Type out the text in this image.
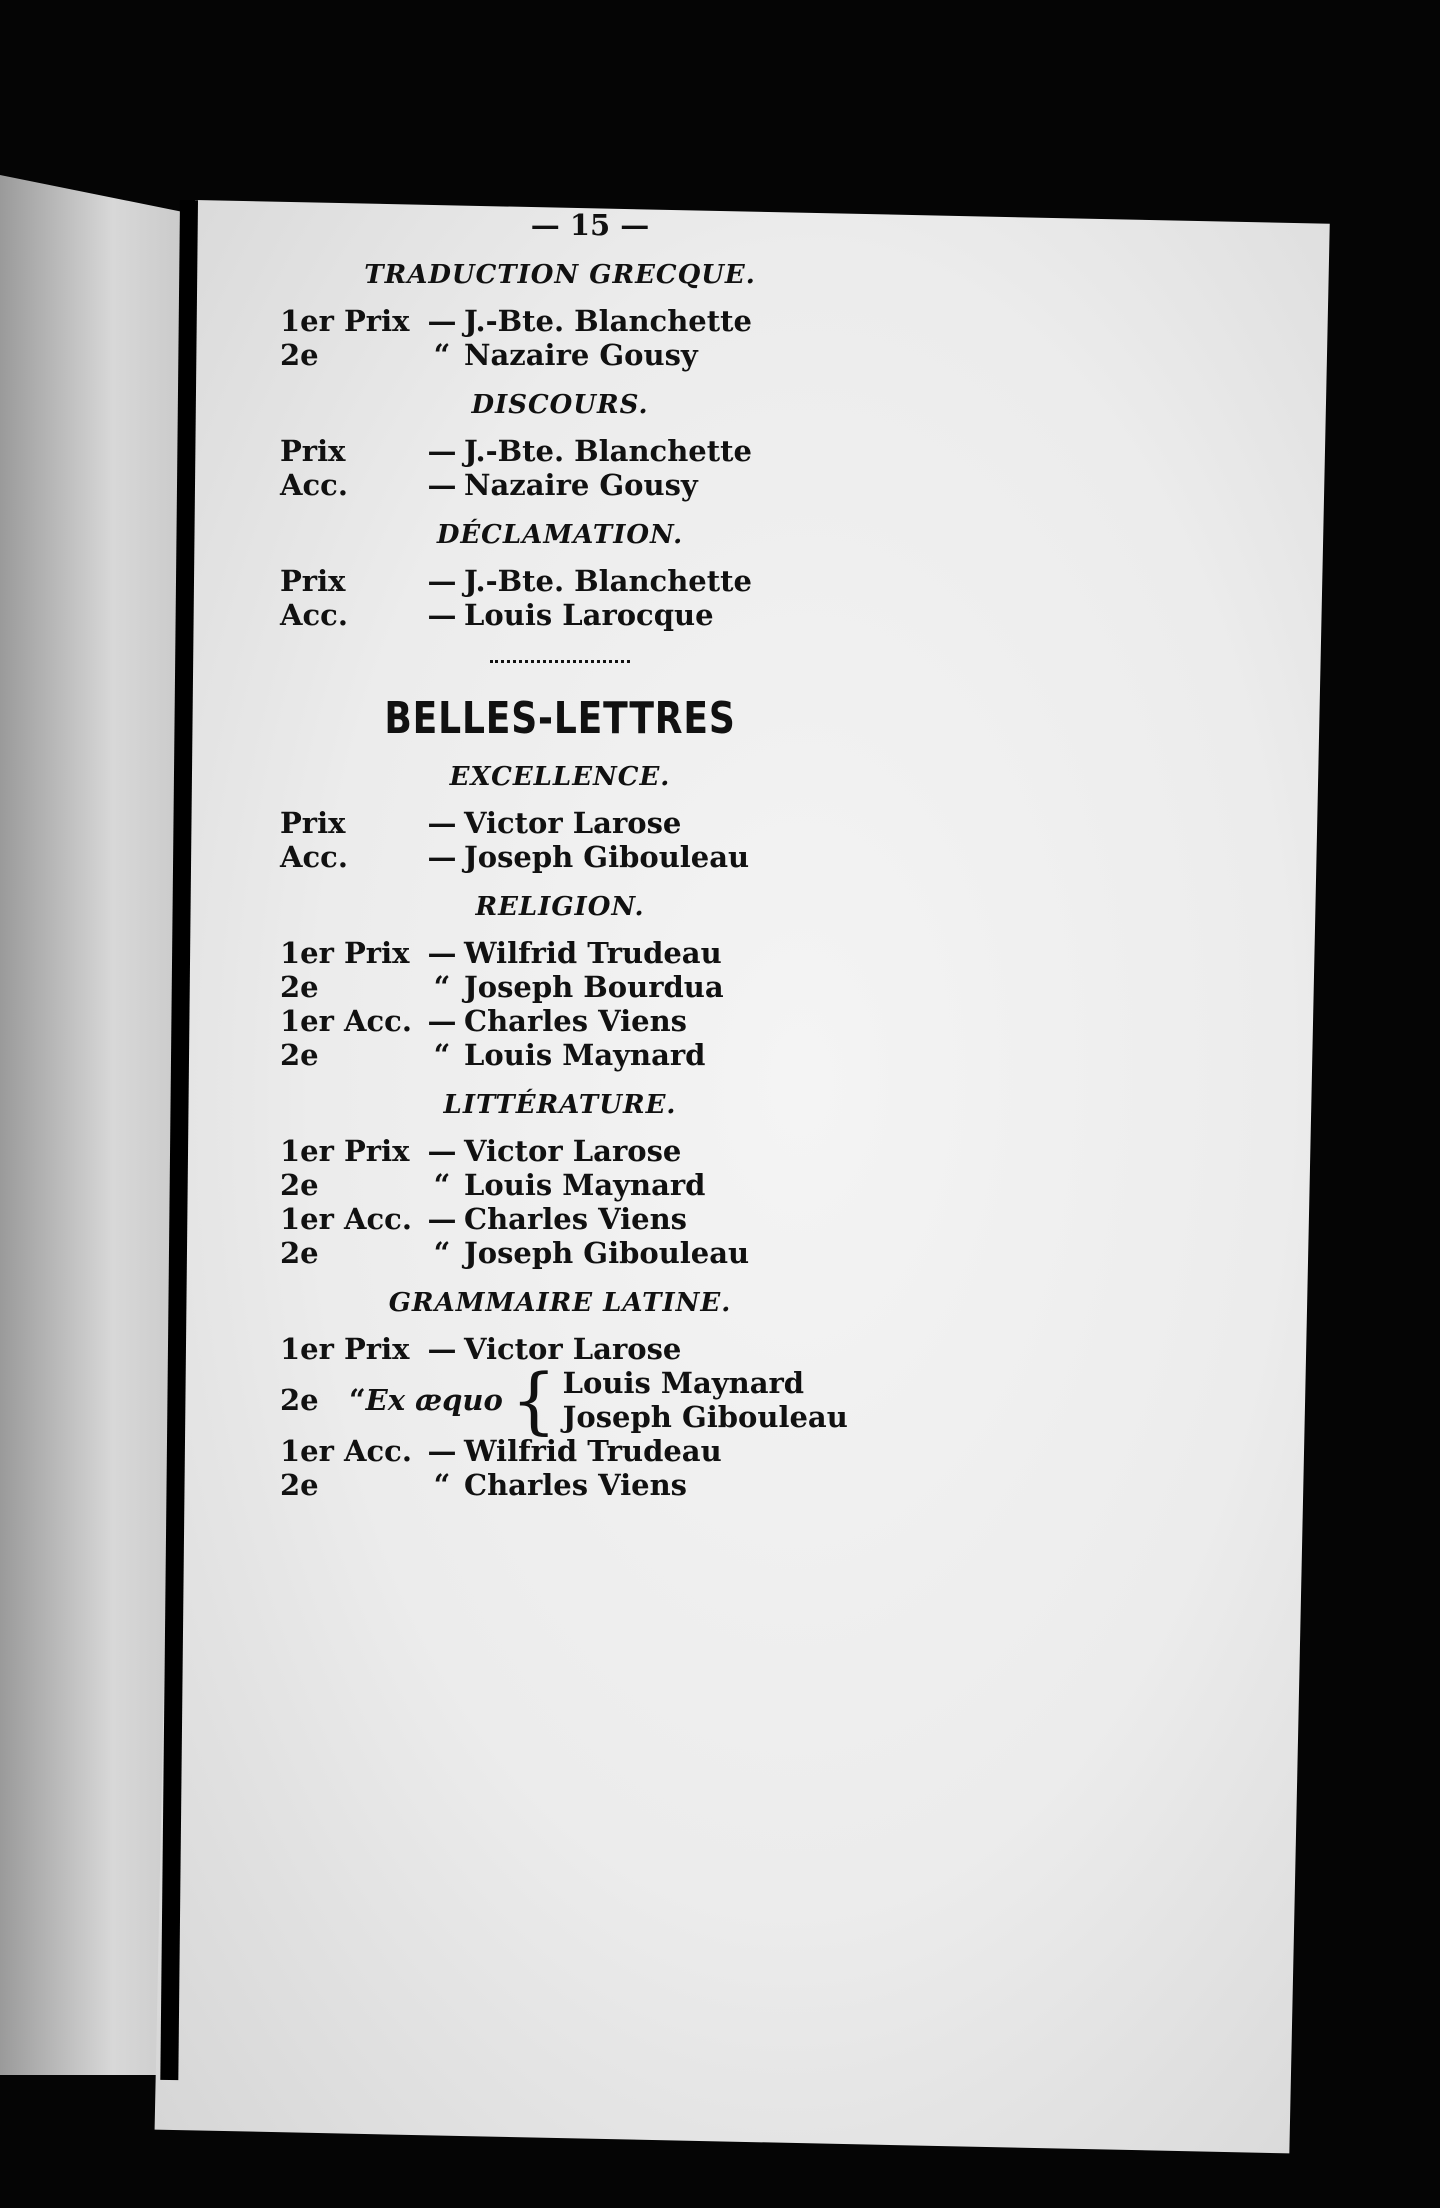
— 15 —
TRADUCTION GRECQUE.
1er Prix — J.-Bte. Blanchette
2e	“ Nazaire Gousy
DISCOURS.
Prix	— J.-Bte. Blanchette
Acc.	— Nazaire Gousy
DÉCLAMATION.
Prix	— J.-Bte. Blanchette
Acc.	— Louis Larocque
BELLES-LETTRES
EXCELLENCE.
Prix	— Victor Larose
Acc.	— Joseph Gibouleau
RELIGION.
1er Prix — Wilfrid Trudeau
2e	“ Joseph Bourdua
1er Acc. — Charles Viens
2e	“ Louis Maynard
LITTÉRATURE.
1er Prix — Victor Larose
2e	“ Louis Maynard
1er Acc. — Charles Viens
2e	“ Joseph Gibouleau
GRAMMAIRE LATINE.
1er Prix — Victor Larose
2e “ Ex æquo { Louis Maynard
Joseph Gibouleau
1er Acc. — Wilfrid Trudeau
2e	“ Charles Viens
